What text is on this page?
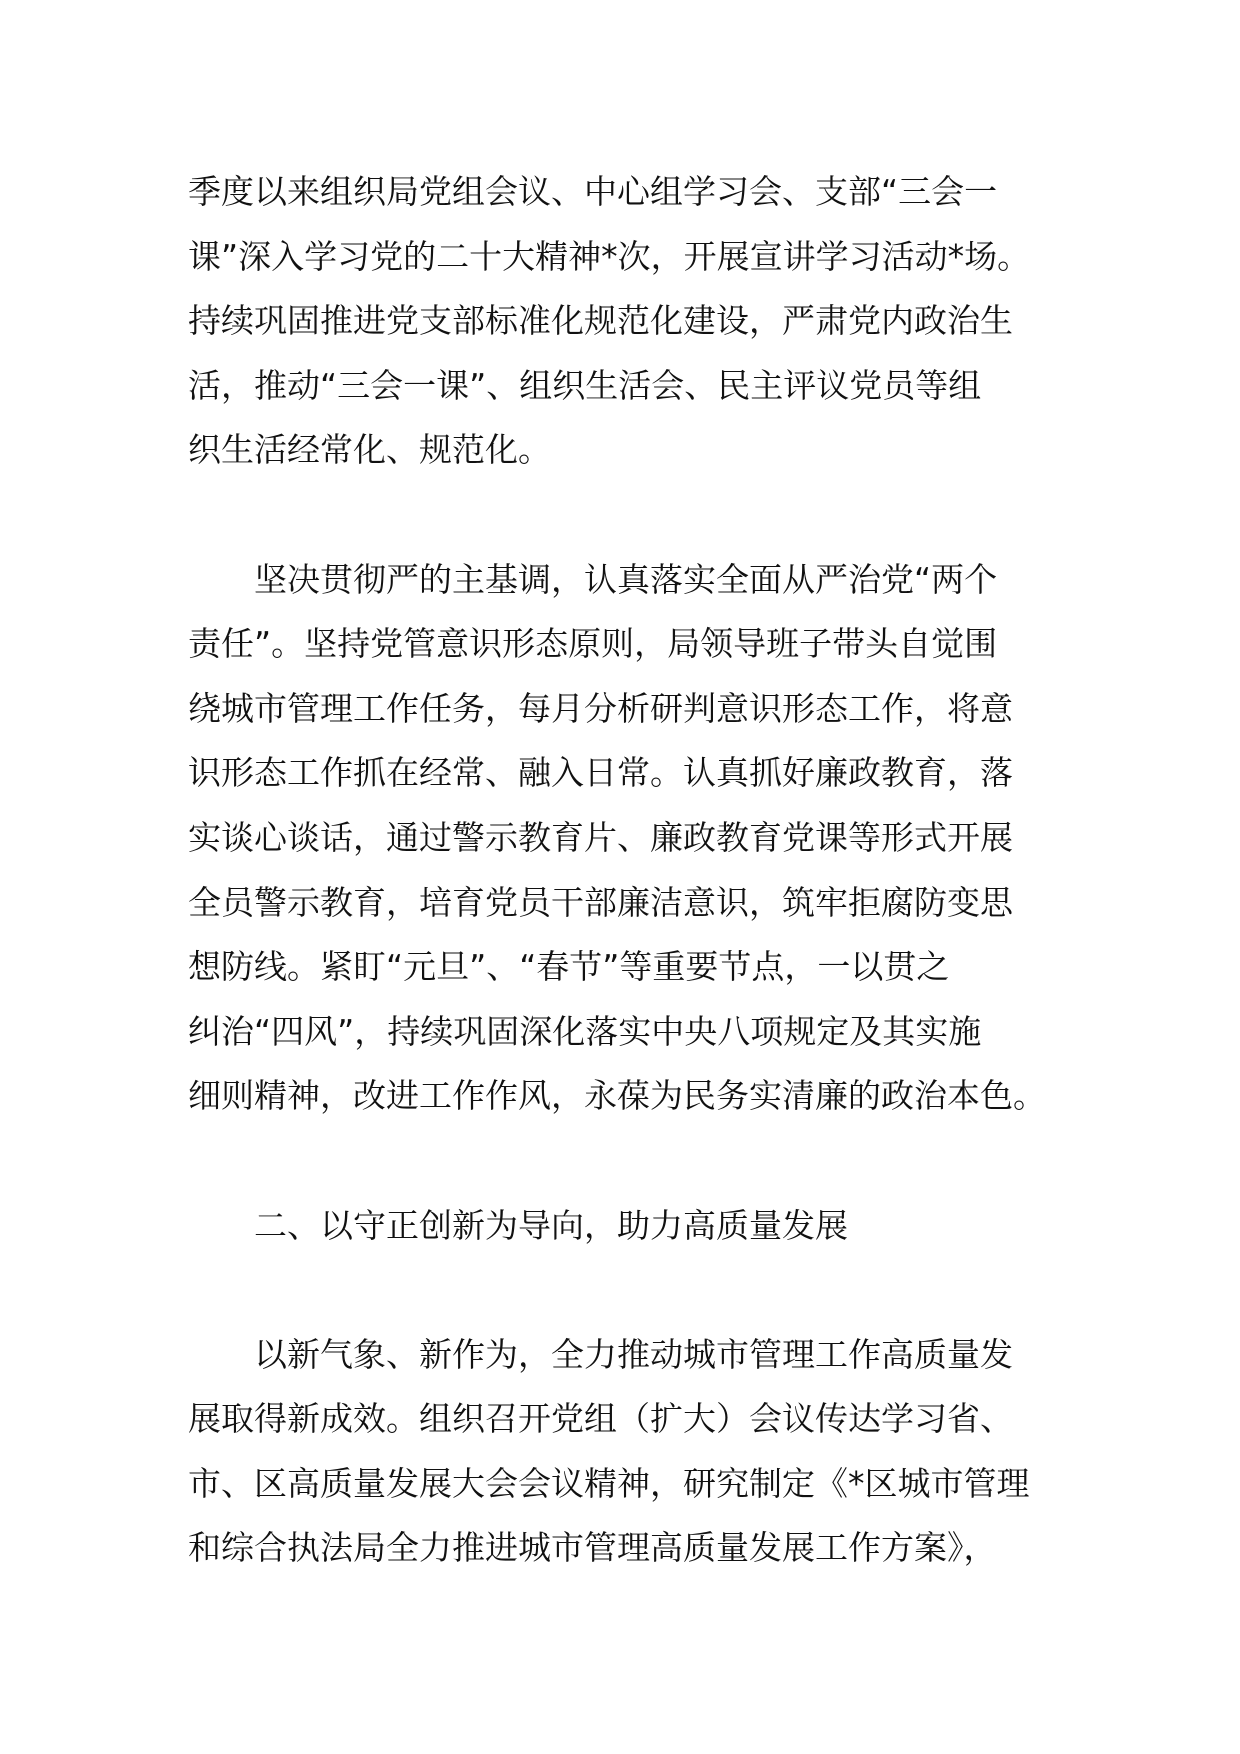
季度以来组织局党组会议、中心组学习会、支部“三会一
课”深入学习党的二十大精神*次，开展宣讲学习活动*场。
持续巩固推进党支部标准化规范化建设，严肃党内政治生
活，推动“三会一课”、组织生活会、民主评议党员等组
织生活经常化、规范化。
坚决贯彻严的主基调，认真落实全面从严治党“两个
责任”。坚持党管意识形态原则，局领导班子带头自觉围
绕城市管理工作任务，每月分析研判意识形态工作，将意
识形态工作抓在经常、融入日常。认真抓好廉政教育，落
实谈心谈话，通过警示教育片、廉政教育党课等形式开展
全员警示教育，培育党员干部廉洁意识，筑牢拒腐防变思
想防线。紧盯“元旦”、“春节”等重要节点，一以贯之
纠治“四风”，持续巩固深化落实中央八项规定及其实施
细则精神，改进工作作风，永葆为民务实清廉的政治本色。
二、以守正创新为导向，助力高质量发展
以新气象、新作为，全力推动城市管理工作高质量发
展取得新成效。组织召开党组（扩大）会议传达学习省、
市、区高质量发展大会会议精神，研究制定《*区城市管理
和综合执法局全力推进城市管理高质量发展工作方案》，
